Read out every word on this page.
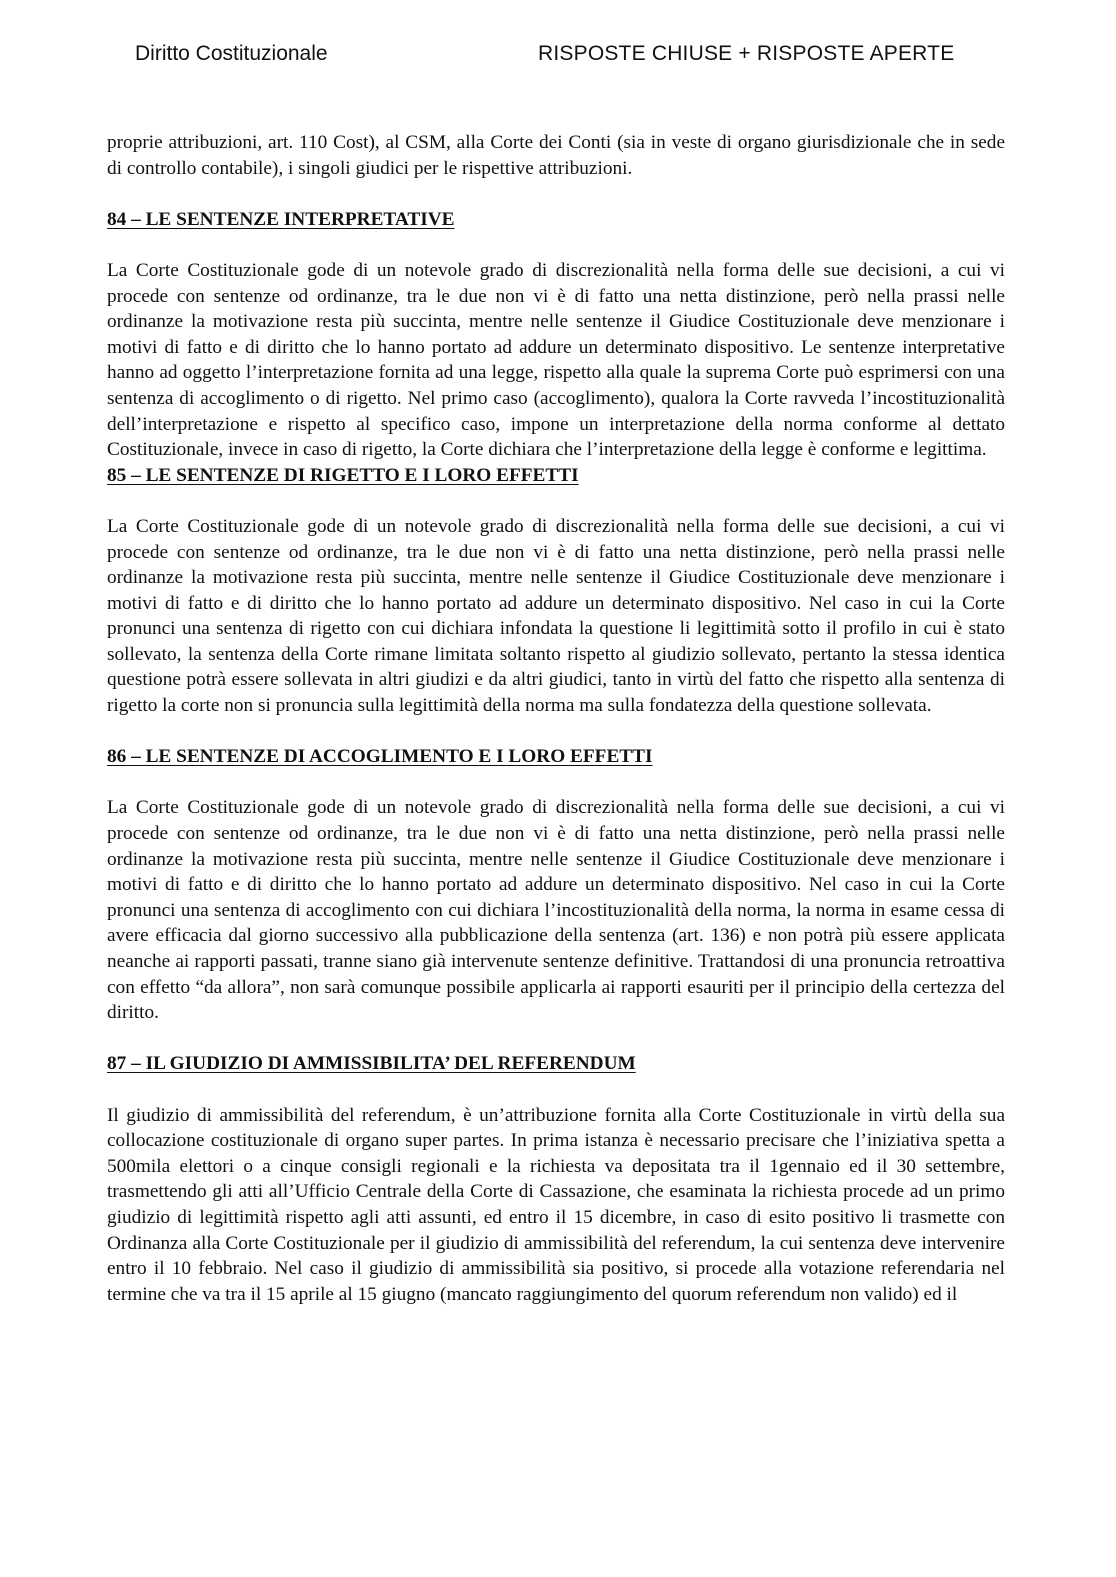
Diritto Costituzionale	RISPOSTE CHIUSE + RISPOSTE APERTE

proprie attribuzioni, art. 110 Cost), al CSM, alla Corte dei Conti (sia in veste di organo giurisdizionale che in sede di controllo contabile), i singoli giudici per le rispettive attribuzioni.

84 – LE SENTENZE INTERPRETATIVE

La Corte Costituzionale gode di un notevole grado di discrezionalità nella forma delle sue decisioni, a cui vi procede con sentenze od ordinanze, tra le due non vi è di fatto una netta distinzione, però nella prassi nelle ordinanze la motivazione resta più succinta, mentre nelle sentenze il Giudice Costituzionale deve menzionare i motivi di fatto e di diritto che lo hanno portato ad addure un determinato dispositivo. Le sentenze interpretative hanno ad oggetto l’interpretazione fornita ad una legge, rispetto alla quale la suprema Corte può esprimersi con una sentenza di accoglimento o di rigetto. Nel primo caso (accoglimento), qualora la Corte ravveda l’incostituzionalità dell’interpretazione e rispetto al specifico caso, impone un interpretazione della norma conforme al dettato Costituzionale, invece in caso di rigetto, la Corte dichiara che l’interpretazione della legge è conforme e legittima.

85 – LE SENTENZE DI RIGETTO E I LORO EFFETTI

La Corte Costituzionale gode di un notevole grado di discrezionalità nella forma delle sue decisioni, a cui vi procede con sentenze od ordinanze, tra le due non vi è di fatto una netta distinzione, però nella prassi nelle ordinanze la motivazione resta più succinta, mentre nelle sentenze il Giudice Costituzionale deve menzionare i motivi di fatto e di diritto che lo hanno portato ad addure un determinato dispositivo. Nel caso in cui la Corte pronunci una sentenza di rigetto con cui dichiara infondata la questione li legittimità sotto il profilo in cui è stato sollevato, la sentenza della Corte rimane limitata soltanto rispetto al giudizio sollevato, pertanto la stessa identica questione potrà essere sollevata in altri giudizi e da altri giudici, tanto in virtù del fatto che rispetto alla sentenza di rigetto la corte non si pronuncia sulla legittimità della norma ma sulla fondatezza della questione sollevata.

86 – LE SENTENZE DI ACCOGLIMENTO E I LORO EFFETTI

La Corte Costituzionale gode di un notevole grado di discrezionalità nella forma delle sue decisioni, a cui vi procede con sentenze od ordinanze, tra le due non vi è di fatto una netta distinzione, però nella prassi nelle ordinanze la motivazione resta più succinta, mentre nelle sentenze il Giudice Costituzionale deve menzionare i motivi di fatto e di diritto che lo hanno portato ad addure un determinato dispositivo. Nel caso in cui la Corte pronunci una sentenza di accoglimento con cui dichiara l’incostituzionalità della norma, la norma in esame cessa di avere efficacia dal giorno successivo alla pubblicazione della sentenza (art. 136) e non potrà più essere applicata neanche ai rapporti passati, tranne siano già intervenute sentenze definitive. Trattandosi di una pronuncia retroattiva con effetto “da allora”, non sarà comunque possibile applicarla ai rapporti esauriti per il principio della certezza del diritto.

87 – IL GIUDIZIO DI AMMISSIBILITA’ DEL REFERENDUM

Il giudizio di ammissibilità del referendum, è un’attribuzione fornita alla Corte Costituzionale in virtù della sua collocazione costituzionale di organo super partes. In prima istanza è necessario precisare che l’iniziativa spetta a 500mila elettori o a cinque consigli regionali e la richiesta va depositata tra il 1gennaio ed il 30 settembre, trasmettendo gli atti all’Ufficio Centrale della Corte di Cassazione, che esaminata la richiesta procede ad un primo giudizio di legittimità rispetto agli atti assunti, ed entro il 15 dicembre, in caso di esito positivo li trasmette con Ordinanza alla Corte Costituzionale per il giudizio di ammissibilità del referendum, la cui sentenza deve intervenire entro il 10 febbraio. Nel caso il giudizio di ammissibilità sia positivo, si procede alla votazione referendaria nel termine che va tra il 15 aprile al 15 giugno (mancato raggiungimento del quorum referendum non valido) ed il
